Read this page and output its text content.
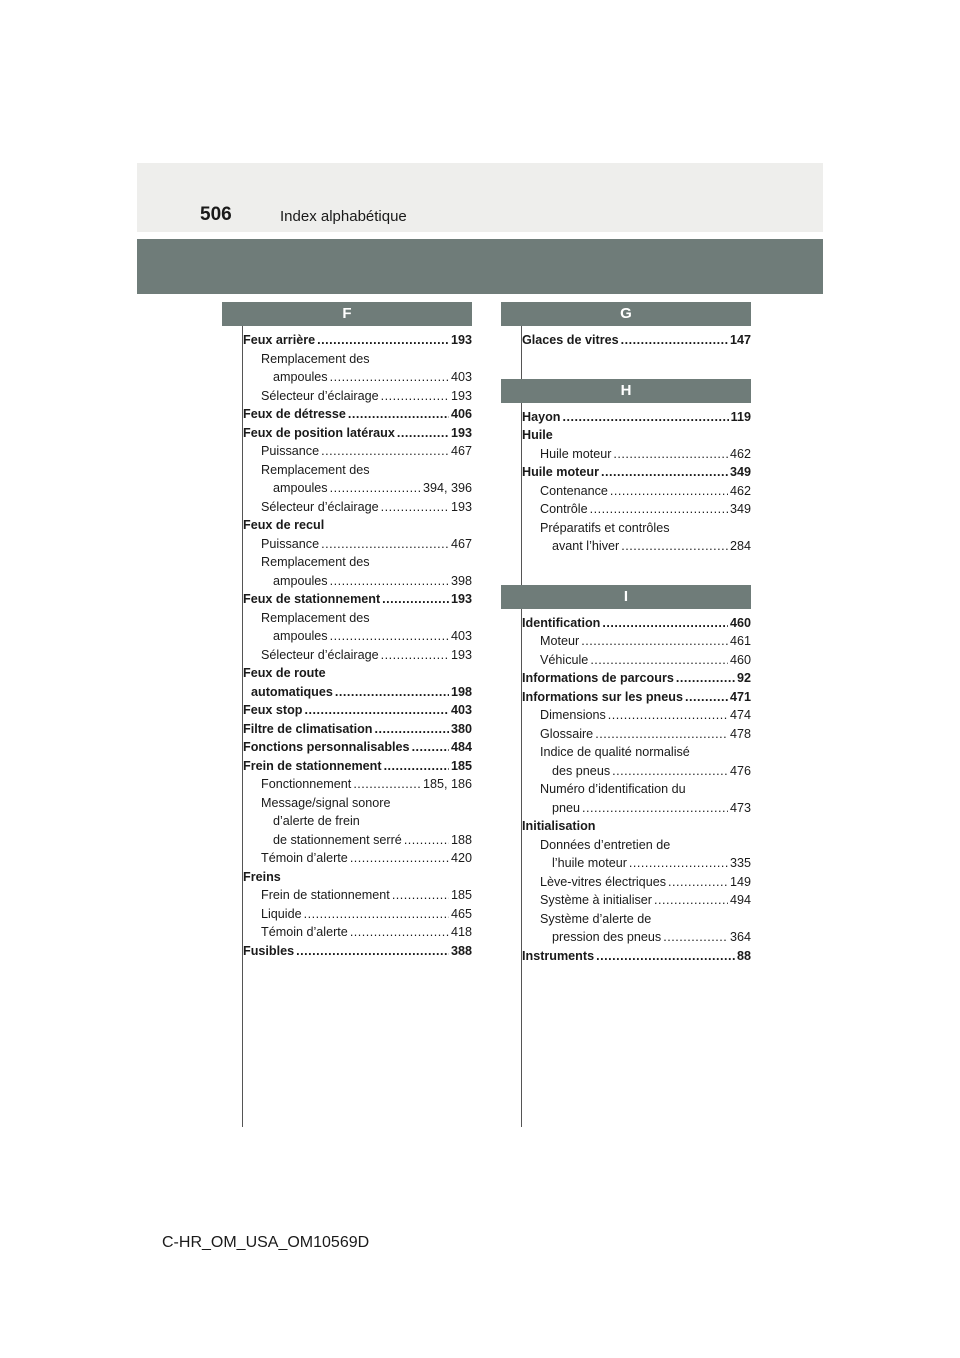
506	Index alphabétique
F
Feux arrière .....	193
Remplacement des
ampoules .....	403
Sélecteur d’éclairage .....	193
Feux de détresse .....	406
Feux de position latéraux .....	193
Puissance .....	467
Remplacement des
ampoules .....	394, 396
Sélecteur d’éclairage .....	193
Feux de recul
Puissance .....	467
Remplacement des
ampoules .....	398
Feux de stationnement .....	193
Remplacement des
ampoules .....	403
Sélecteur d’éclairage .....	193
Feux de route
automatiques .....	198
Feux stop .....	403
Filtre de climatisation .....	380
Fonctions personnalisables .....	484
Frein de stationnement .....	185
Fonctionnement .....	185, 186
Message/signal sonore
d’alerte de frein
de stationnement serré .....	188
Témoin d’alerte .....	420
Freins
Frein de stationnement .....	185
Liquide .....	465
Témoin d’alerte .....	418
Fusibles .....	388
G
Glaces de vitres .....	147
H
Hayon .....	119
Huile
Huile moteur .....	462
Huile moteur .....	349
Contenance .....	462
Contrôle .....	349
Préparatifs et contrôles
avant l’hiver .....	284
I
Identification .....	460
Moteur .....	461
Véhicule .....	460
Informations de parcours .....	92
Informations sur les pneus .....	471
Dimensions .....	474
Glossaire .....	478
Indice de qualité normalisé
des pneus .....	476
Numéro d’identification du
pneu .....	473
Initialisation
Données d’entretien de
l’huile moteur .....	335
Lève-vitres électriques .....	149
Système à initialiser .....	494
Système d’alerte de
pression des pneus .....	364
Instruments .....	88
C-HR_OM_USA_OM10569D
